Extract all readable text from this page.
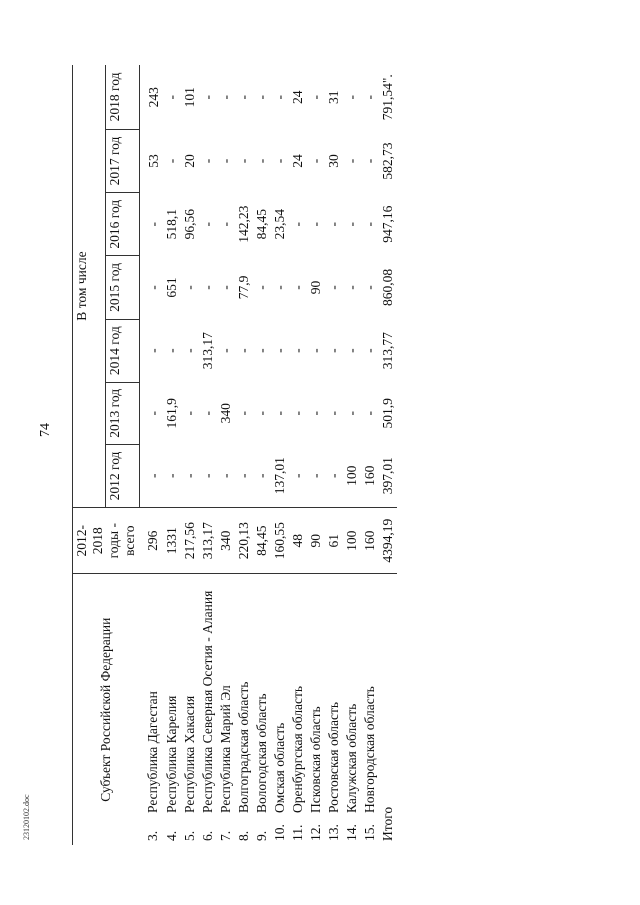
74
23120102.doc
Субъект Российской Федерации	2012-2018 годы - всего	В том числе						
		2012 год	2013 год	2014 год	2015 год	2016 год	2017 год	2018 год
3.Республика Дагестан	296	-	-	-	-	-	53	243
4.Республика Карелия	1331	-	161,9	-	651	518,1	-	-
5.Республика Хакасия	217,56	-	-	-	-	96,56	20	101
6.Республика Северная Осетия - Алания	313,17	-	-	313,17	-	-	-	-
7.Республика Марий Эл	340	-	340	-	-	-	-	-
8.Волгоградская область	220,13	-	-	-	77,9	142,23	-	-
9.Вологодская область	84,45	-	-	-	-	84,45	-	-
10.Омская область	160,55	137,01	-	-	-	23,54	-	-
11.Оренбургская область	48	-	-	-	-	-	24	24
12.Псковская область	90	-	-	-	90	-	-	-
13.Ростовская область	61	-	-	-	-	-	30	31
14.Калужская область	100	100	-	-	-	-	-	-
15.Новгородская область	160	160	-	-	-	-	-	-
Итого	4394,19	397,01	501,9	313,77	860,08	947,16	582,73	791,54".
